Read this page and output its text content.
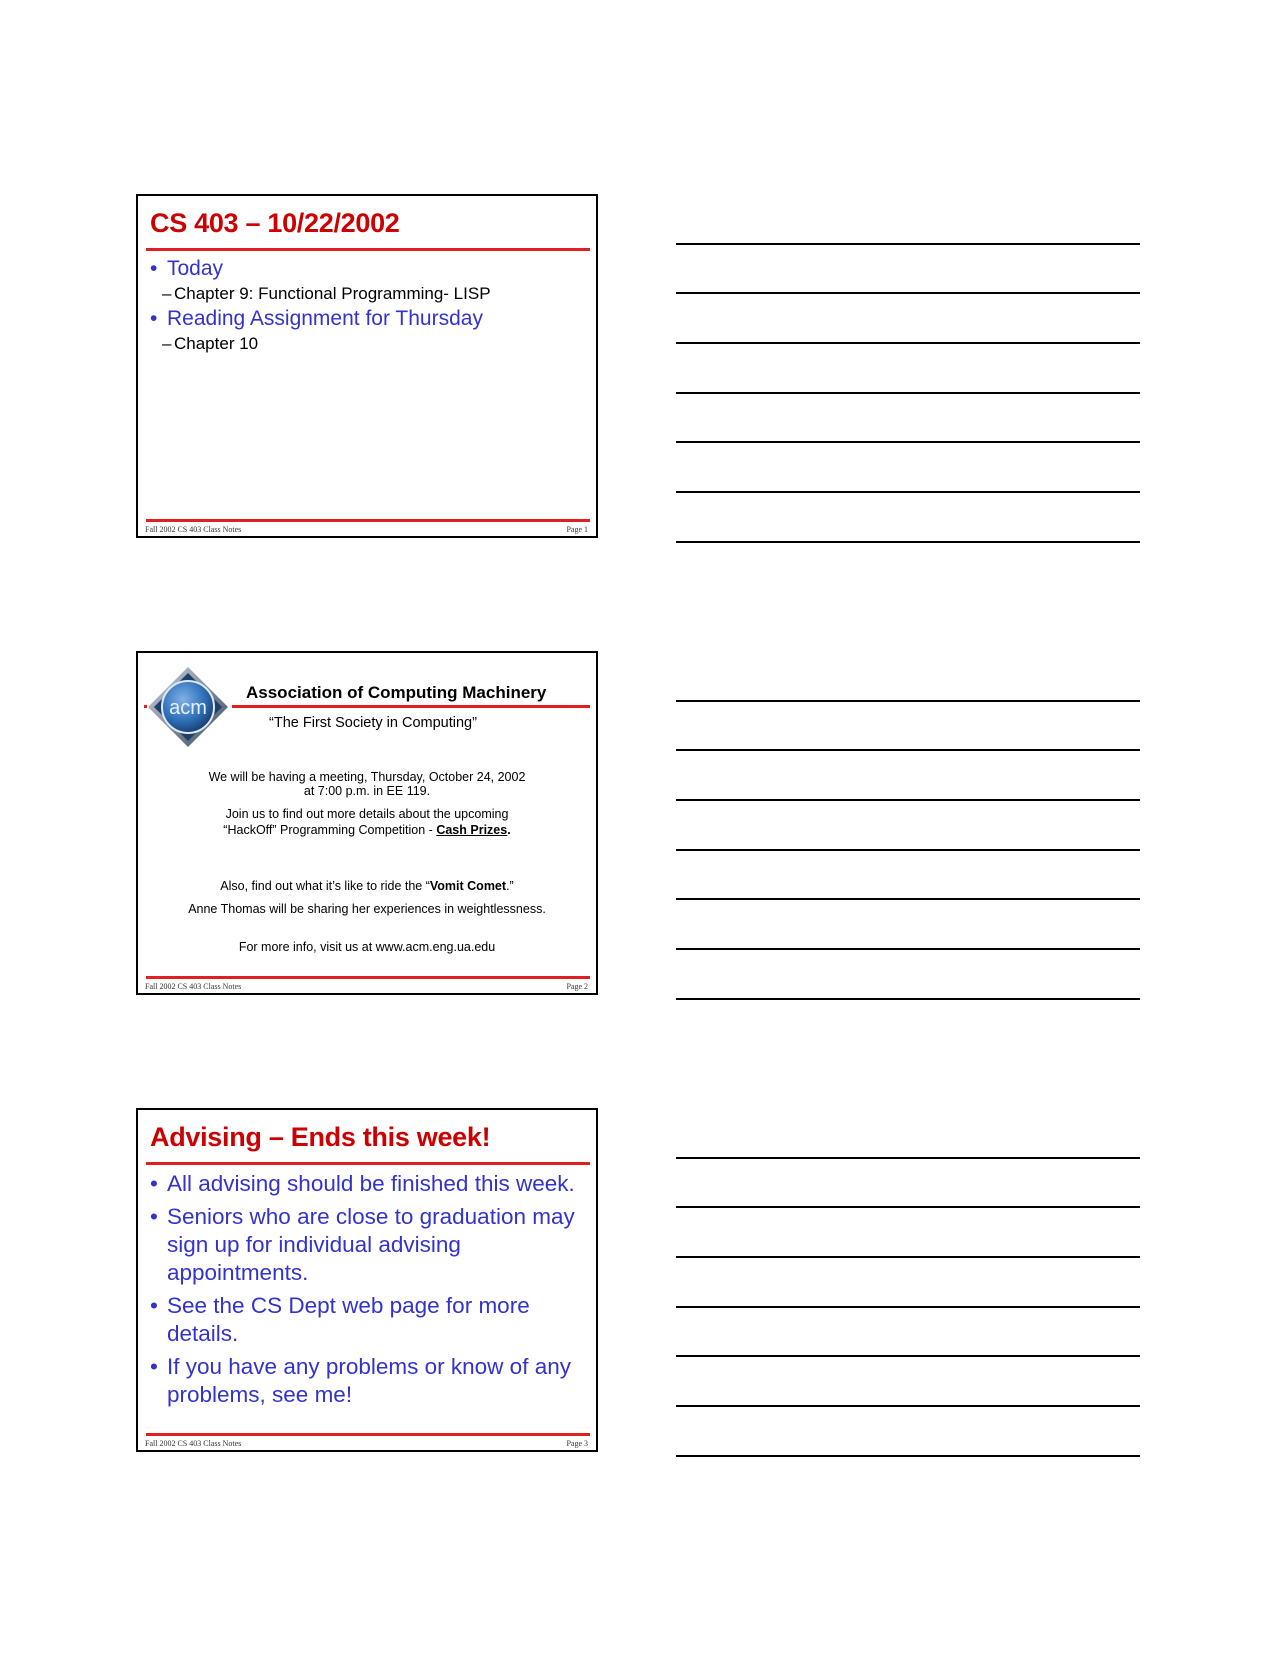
CS 403 – 10/22/2002
• Today
– Chapter 9: Functional Programming- LISP
• Reading Assignment for Thursday
– Chapter 10
Fall 2002 CS 403 Class Notes	Page 1
acm
Association of Computing Machinery
“The First Society in Computing”
We will be having a meeting, Thursday, October 24, 2002
at 7:00 p.m. in EE 119.
Join us to find out more details about the upcoming
“HackOff” Programming Competition - Cash Prizes.
Also, find out what it’s like to ride the “Vomit Comet.”
Anne Thomas will be sharing her experiences in weightlessness.
For more info, visit us at www.acm.eng.ua.edu
Fall 2002 CS 403 Class Notes	Page 2
Advising – Ends this week!
• All advising should be finished this week.
• Seniors who are close to graduation may sign up for individual advising appointments.
• See the CS Dept web page for more details.
• If you have any problems or know of any problems, see me!
Fall 2002 CS 403 Class Notes	Page 3
